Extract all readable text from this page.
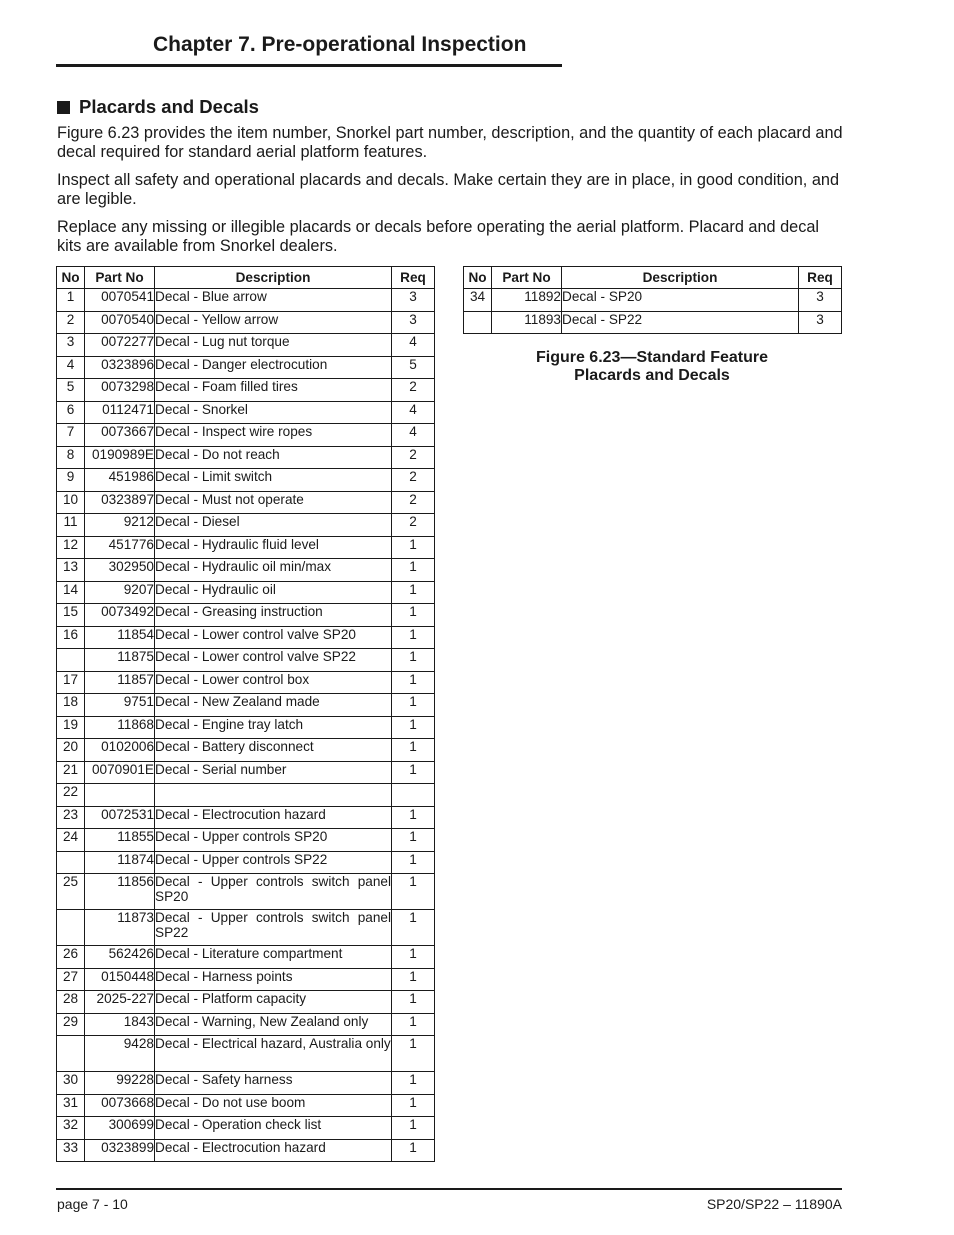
Chapter 7. Pre-operational Inspection
Placards and Decals
Figure 6.23 provides the item number, Snorkel part number, description, and the quantity of each placard and decal required for standard aerial platform features.
Inspect all safety and operational placards and decals. Make certain they are in place, in good condition, and are legible.
Replace any missing or illegible placards or decals before operating the aerial platform. Placard and decal kits are available from Snorkel dealers.
No	Part No	Description	Req
1	0070541	Decal - Blue arrow	3
2	0070540	Decal - Yellow arrow	3
3	0072277	Decal - Lug nut torque	4
4	0323896	Decal - Danger electrocution	5
5	0073298	Decal - Foam filled tires	2
6	0112471	Decal - Snorkel	4
7	0073667	Decal - Inspect wire ropes	4
8	0190989E	Decal - Do not reach	2
9	451986	Decal - Limit switch	2
10	0323897	Decal - Must not operate	2
11	9212	Decal - Diesel	2
12	451776	Decal - Hydraulic fluid level	1
13	302950	Decal - Hydraulic oil min/max	1
14	9207	Decal - Hydraulic oil	1
15	0073492	Decal - Greasing instruction	1
16	11854	Decal - Lower control valve SP20	1
	11875	Decal - Lower control valve SP22	1
17	11857	Decal - Lower control box	1
18	9751	Decal - New Zealand made	1
19	11868	Decal - Engine tray latch	1
20	0102006	Decal - Battery disconnect	1
21	0070901E	Decal - Serial number	1
22			
23	0072531	Decal - Electrocution hazard	1
24	11855	Decal - Upper controls SP20	1
	11874	Decal - Upper controls SP22	1
25	11856	Decal - Upper controls switch panel SP20	1
	11873	Decal - Upper controls switch panel SP22	1
26	562426	Decal - Literature compartment	1
27	0150448	Decal - Harness points	1
28	2025-227	Decal - Platform capacity	1
29	1843	Decal - Warning, New Zealand only	1
	9428	Decal - Electrical hazard, Australia only	1
30	99228	Decal - Safety harness	1
31	0073668	Decal - Do not use boom	1
32	300699	Decal - Operation check list	1
33	0323899	Decal - Electrocution hazard	1
No	Part No	Description	Req
34	11892	Decal - SP20	3
	11893	Decal - SP22	3
Figure 6.23—Standard Feature
Placards and Decals
page 7 - 10	SP20/SP22 – 11890A
